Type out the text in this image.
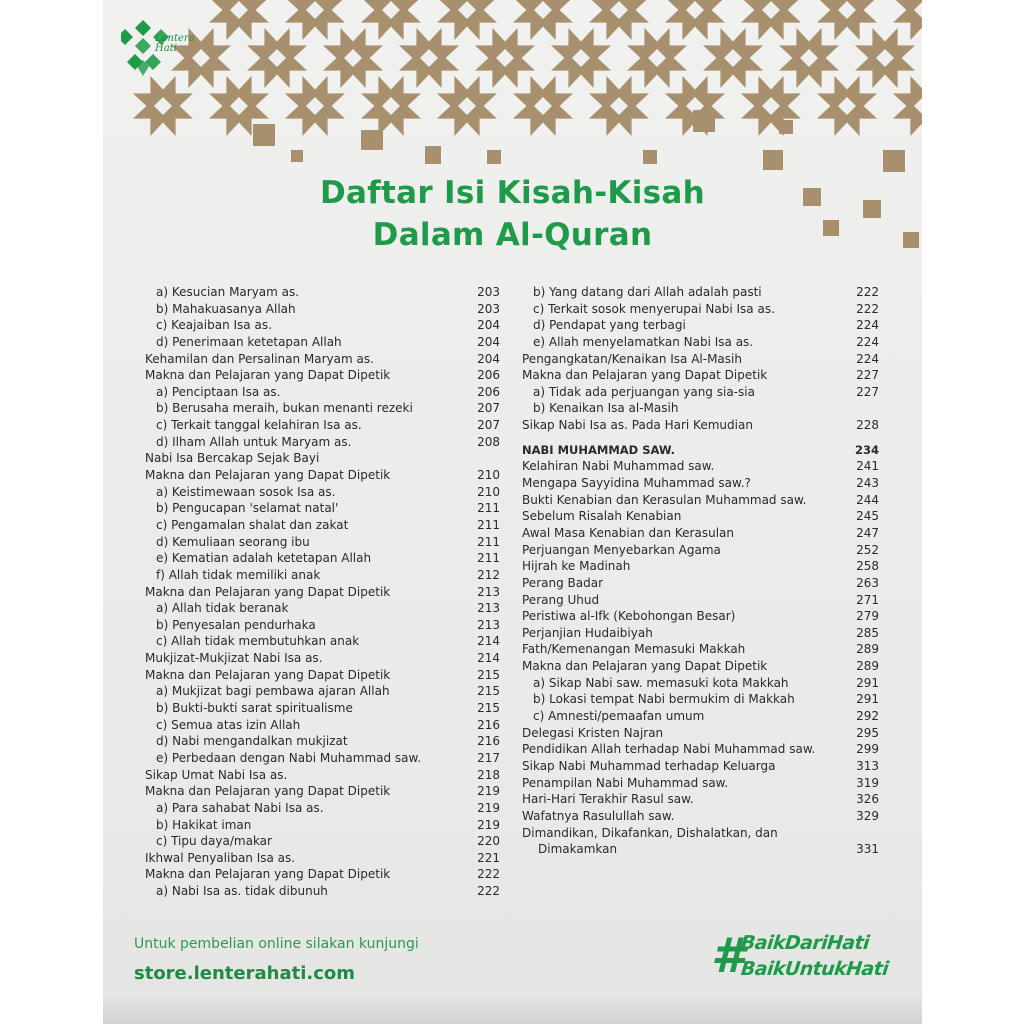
Lentera Hati
Daftar Isi Kisah-Kisah
Dalam Al-Quran
a) Kesucian Maryam as.	203
b) Mahakuasanya Allah	203
c) Keajaiban Isa as.	204
d) Penerimaan ketetapan Allah	204
Kehamilan dan Persalinan Maryam as.	204
Makna dan Pelajaran yang Dapat Dipetik	206
a) Penciptaan Isa as.	206
b) Berusaha meraih, bukan menanti rezeki	207
c) Terkait tanggal kelahiran Isa as.	207
d) Ilham Allah untuk Maryam as.	208
Nabi Isa Bercakap Sejak Bayi
Makna dan Pelajaran yang Dapat Dipetik	210
a) Keistimewaan sosok Isa as.	210
b) Pengucapan 'selamat natal'	211
c) Pengamalan shalat dan zakat	211
d) Kemuliaan seorang ibu	211
e) Kematian adalah ketetapan Allah	211
f) Allah tidak memiliki anak	212
Makna dan Pelajaran yang Dapat Dipetik	213
a) Allah tidak beranak	213
b) Penyesalan pendurhaka	213
c) Allah tidak membutuhkan anak	214
Mukjizat-Mukjizat Nabi Isa as.	214
Makna dan Pelajaran yang Dapat Dipetik	215
a) Mukjizat bagi pembawa ajaran Allah	215
b) Bukti-bukti sarat spiritualisme	215
c) Semua atas izin Allah	216
d) Nabi mengandalkan mukjizat	216
e) Perbedaan dengan Nabi Muhammad saw.	217
Sikap Umat Nabi Isa as.	218
Makna dan Pelajaran yang Dapat Dipetik	219
a) Para sahabat Nabi Isa as.	219
b) Hakikat iman	219
c) Tipu daya/makar	220
Ikhwal Penyaliban Isa as.	221
Makna dan Pelajaran yang Dapat Dipetik	222
a) Nabi Isa as. tidak dibunuh	222
b) Yang datang dari Allah adalah pasti	222
c) Terkait sosok menyerupai Nabi Isa as.	222
d) Pendapat yang terbagi	224
e) Allah menyelamatkan Nabi Isa as.	224
Pengangkatan/Kenaikan Isa Al-Masih	224
Makna dan Pelajaran yang Dapat Dipetik	227
a) Tidak ada perjuangan yang sia-sia	227
b) Kenaikan Isa al-Masih
Sikap Nabi Isa as. Pada Hari Kemudian	228
NABI MUHAMMAD SAW.	234
Kelahiran Nabi Muhammad saw.	241
Mengapa Sayyidina Muhammad saw.?	243
Bukti Kenabian dan Kerasulan Muhammad saw.	244
Sebelum Risalah Kenabian	245
Awal Masa Kenabian dan Kerasulan	247
Perjuangan Menyebarkan Agama	252
Hijrah ke Madinah	258
Perang Badar	263
Perang Uhud	271
Peristiwa al-Ifk (Kebohongan Besar)	279
Perjanjian Hudaibiyah	285
Fath/Kemenangan Memasuki Makkah	289
Makna dan Pelajaran yang Dapat Dipetik	289
a) Sikap Nabi saw. memasuki kota Makkah	291
b) Lokasi tempat Nabi bermukim di Makkah	291
c) Amnesti/pemaafan umum	292
Delegasi Kristen Najran	295
Pendidikan Allah terhadap Nabi Muhammad saw.	299
Sikap Nabi Muhammad terhadap Keluarga	313
Penampilan Nabi Muhammad saw.	319
Hari-Hari Terakhir Rasul saw.	326
Wafatnya Rasulullah saw.	329
Dimandikan, Dikafankan, Dishalatkan, dan
Dimakamkan	331
Untuk pembelian online silakan kunjungi
store.lenterahati.com	#
BaikDariHati
BaikUntukHati
